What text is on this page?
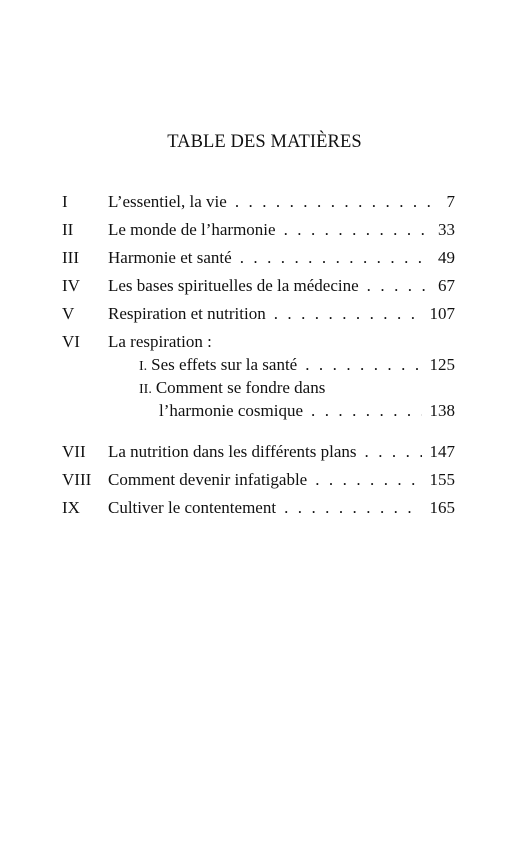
TABLE DES MATIÈRES
I L’essentiel, la vie . . .	7
II Le monde de l’harmonie . . .	33
III Harmonie et santé . . .	49
IV Les bases spirituelles de la médecine . . .	67
V Respiration et nutrition . . .	107
VI La respiration :
I. Ses effets sur la santé . . .	125
II. Comment se fondre dans
l’harmonie cosmique . . .	138
VII La nutrition dans les différents plans . . .	147
VIII Comment devenir infatigable . . .	155
IX Cultiver le contentement . . .	165
